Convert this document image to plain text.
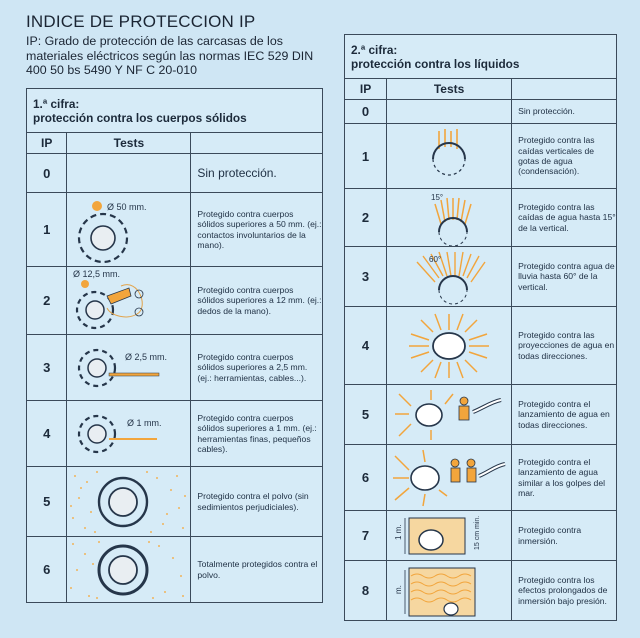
INDICE DE PROTECCION IP
IP: Grado de protección de las carcasas de los materiales eléctricos según las normas IEC 529 DIN 400 50 bs 5490 Y NF C 20-010
1.ª cifra:
protección contra los cuerpos sólidos		

IP	Tests	
0		Sin protección.
1	Ø 50 mm.	Protegido contra cuerpos sólidos superiores a 50 mm. (ej.: contactos involuntarios de la mano).
2	Ø 12,5 mm.	Protegido contra cuerpos sólidos superiores a 12 mm. (ej.: dedos de la mano).
3	Ø 2,5 mm.	Protegido contra cuerpos sólidos superiores a 2,5 mm. (ej.: herramientas, cables...).
4	Ø 1 mm.	Protegido contra cuerpos sólidos superiores a 1 mm. (ej.: herramientas finas, pequeños cables).
5		Protegido contra el polvo (sin sedimientos perjudiciales).
6		Totalmente protegidos contra el polvo.
2.ª cifra:
protección contra los líquidos		

IP	Tests	
0		Sin protección.
1		Protegido contra las caídas verticales de gotas de agua (condensación).
2	15°	Protegido contra las caídas de agua hasta 15° de la vertical.
3	60°	Protegido contra agua de lluvia hasta 60° de la vertical.
4		Protegido contra las proyecciones de agua en todas direcciones.
5		Protegido contra el lanzamiento de agua en todas direcciones.
6		Protegido contra el lanzamiento de agua similar a los golpes del mar.
7	1 m. 15 cm min.	Protegido contra inmersión.
8	m.	Protegido contra los efectos prolongados de inmersión bajo presión.
